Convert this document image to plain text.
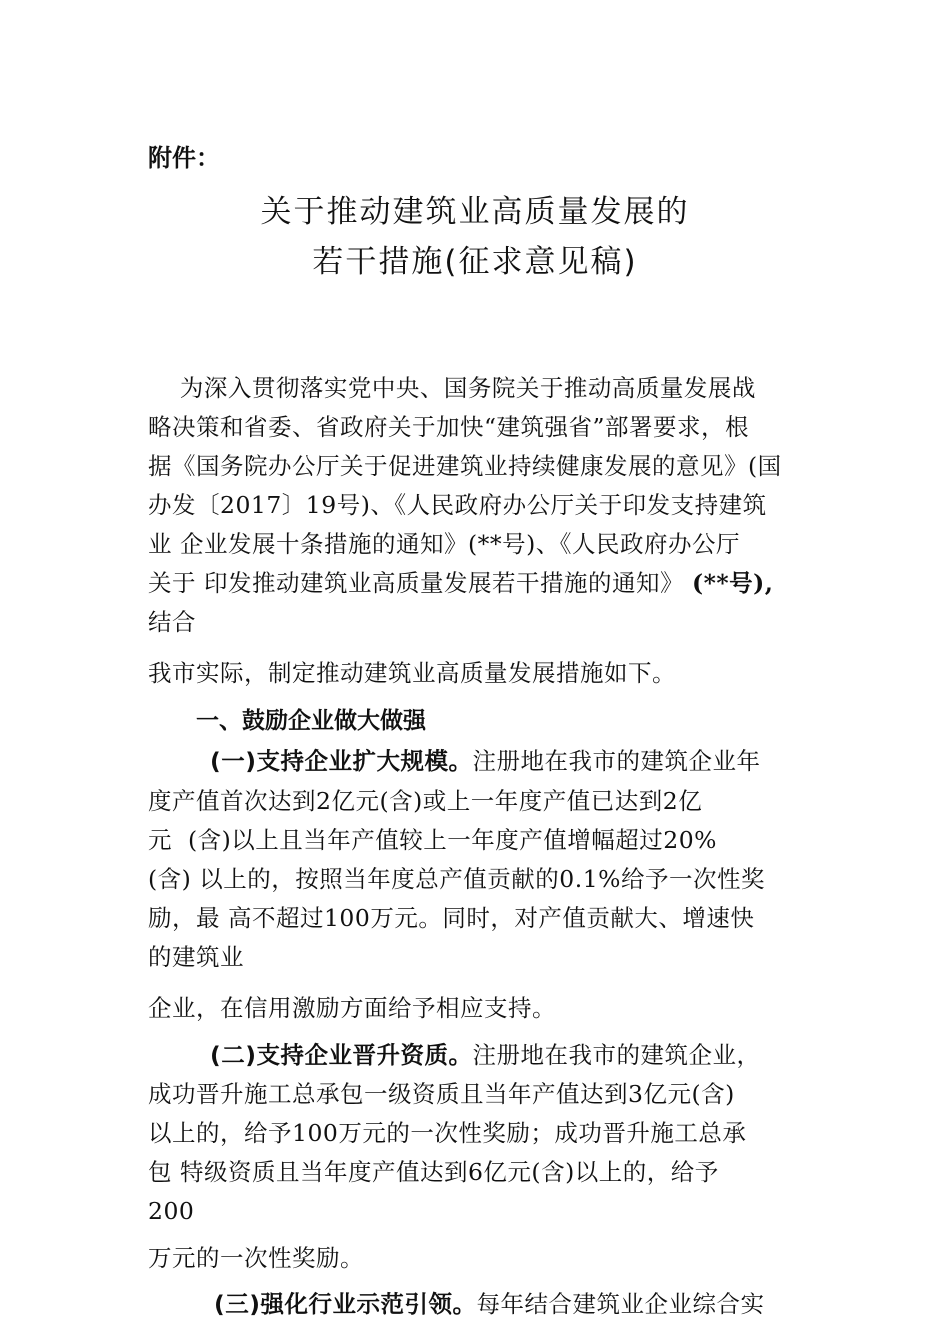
附件：

关于推动建筑业高质量发展的

若干措施(征求意见稿)

为深入贯彻落实党中央、国务院关于推动高质量发展战

略决策和省委、省政府关于加快“建筑强省”部署要求，根

据《国务院办公厅关于促进建筑业持续健康发展的意见》(国

办发〔2017〕19号)、《人民政府办公厅关于印发支持建筑

业 企业发展十条措施的通知》(**号)、《人民政府办公厅

关于 印发推动建筑业高质量发展若干措施的通知》 (**号),

结合

我市实际，制定推动建筑业高质量发展措施如下。

一、鼓励企业做大做强

(一)支持企业扩大规模。注册地在我市的建筑企业年

度产值首次达到2亿元(含)或上一年度产值已达到2亿

元  (含)以上且当年产值较上一年度产值增幅超过20%

(含) 以上的，按照当年度总产值贡献的0.1%给予一次性奖

励，最 高不超过100万元。同时，对产值贡献大、增速快

的建筑业

企业，在信用激励方面给予相应支持。

(二)支持企业晋升资质。注册地在我市的建筑企业，

成功晋升施工总承包一级资质且当年产值达到3亿元(含)

以上的，给予100万元的一次性奖励；成功晋升施工总承

包 特级资质且当年度产值达到6亿元(含)以上的，给予

200

万元的一次性奖励。

(三)强化行业示范引领。每年结合建筑业企业综合实
